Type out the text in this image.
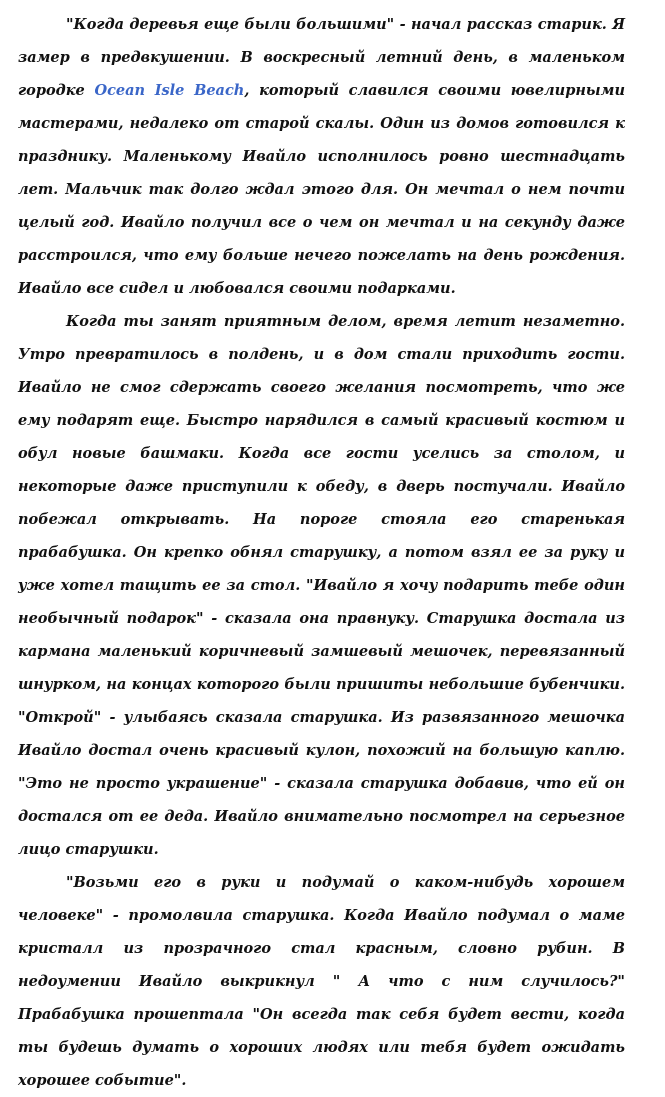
"Когда деревья еще были большими" - начал рассказ старик. Я замер в предвкушении. В воскресный летний день, в маленьком городке Ocean Isle Beach, который славился своими ювелирными мастерами, недалеко от старой скалы. Один из домов готовился к празднику. Маленькому Ивайло исполнилось ровно шестнадцать лет. Мальчик так долго ждал этого для. Он мечтал о нем почти целый год. Ивайло получил все о чем он мечтал и на секунду даже расстроился, что ему больше нечего пожелать на день рождения. Ивайло все сидел и любовался своими подарками.

Когда ты занят приятным делом, время летит незаметно. Утро превратилось в полдень, и в дом стали приходить гости. Ивайло не смог сдержать своего желания посмотреть, что же ему подарят еще. Быстро нарядился в самый красивый костюм и обул новые башмаки. Когда все гости уселись за столом, и некоторые даже приступили к обеду, в дверь постучали. Ивайло побежал открывать. На пороге стояла его старенькая прабабушка. Он крепко обнял старушку, а потом взял ее за руку и уже хотел тащить ее за стол. "Ивайло я хочу подарить тебе один необычный подарок" - сказала она правнуку. Старушка достала из кармана маленький коричневый замшевый мешочек, перевязанный шнурком, на концах которого были пришиты небольшие бубенчики. "Открой" - улыбаясь сказала старушка. Из развязанного мешочка Ивайло достал очень красивый кулон, похожий на большую каплю. "Это не просто украшение" - сказала старушка добавив, что ей он достался от ее деда. Ивайло внимательно посмотрел на серьезное лицо старушки.

"Возьми его в руки и подумай о каком-нибудь хорошем человеке" - промолвила старушка. Когда Ивайло подумал о маме кристалл из прозрачного стал красным, словно рубин. В недоумении Ивайло выкрикнул " А что с ним случилось?" Прабабушка прошептала "Он всегда так себя будет вести, когда ты будешь думать о хороших людях или тебя будет ожидать хорошее событие".
